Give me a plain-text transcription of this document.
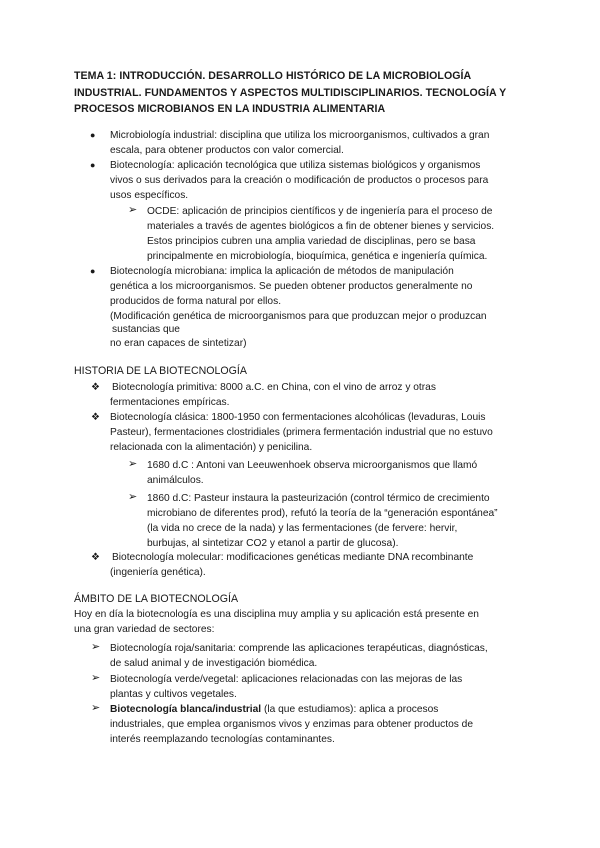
TEMA 1: INTRODUCCIÓN. DESARROLLO HISTÓRICO DE LA MICROBIOLOGÍA
INDUSTRIAL. FUNDAMENTOS Y ASPECTOS MULTIDISCIPLINARIOS. TECNOLOGÍA Y
PROCESOS MICROBIANOS EN LA INDUSTRIA ALIMENTARIA
● Microbiología industrial: disciplina que utiliza los microorganismos, cultivados a gran
escala, para obtener productos con valor comercial.
● Biotecnología: aplicación tecnológica que utiliza sistemas biológicos y organismos
vivos o sus derivados para la creación o modificación de productos o procesos para
usos específicos.
➢ OCDE: aplicación de principios científicos y de ingeniería para el proceso de
materiales a través de agentes biológicos a fin de obtener bienes y servicios.
Estos principios cubren una amplia variedad de disciplinas, pero se basa
principalmente en microbiología, bioquímica, genética e ingeniería química.
● Biotecnología microbiana: implica la aplicación de métodos de manipulación
genética a los microorganismos. Se pueden obtener productos generalmente no
producidos de forma natural por ellos.
(Modificación genética de microorganismos para que produzcan mejor o produzcan
sustancias que
no eran capaces de sintetizar)
HISTORIA DE LA BIOTECNOLOGÍA
❖ Biotecnología primitiva: 8000 a.C. en China, con el vino de arroz y otras
fermentaciones empíricas.
❖ Biotecnología clásica: 1800-1950 con fermentaciones alcohólicas (levaduras, Louis
Pasteur), fermentaciones clostridiales (primera fermentación industrial que no estuvo
relacionada con la alimentación) y penicilina.
➢ 1680 d.C : Antoni van Leeuwenhoek observa microorganismos que llamó
animálculos.
➢ 1860 d.C: Pasteur instaura la pasteurización (control térmico de crecimiento
microbiano de diferentes prod), refutó la teoría de la “generación espontánea”
(la vida no crece de la nada) y las fermentaciones (de fervere: hervir,
burbujas, al sintetizar CO2 y etanol a partir de glucosa).
❖ Biotecnología molecular: modificaciones genéticas mediante DNA recombinante
(ingeniería genética).
ÁMBITO DE LA BIOTECNOLOGÍA
Hoy en día la biotecnología es una disciplina muy amplia y su aplicación está presente en
una gran variedad de sectores:
➢ Biotecnología roja/sanitaria: comprende las aplicaciones terapéuticas, diagnósticas,
de salud animal y de investigación biomédica.
➢ Biotecnología verde/vegetal: aplicaciones relacionadas con las mejoras de las
plantas y cultivos vegetales.
➢ Biotecnología blanca/industrial (la que estudiamos): aplica a procesos
industriales, que emplea organismos vivos y enzimas para obtener productos de
interés reemplazando tecnologías contaminantes.
